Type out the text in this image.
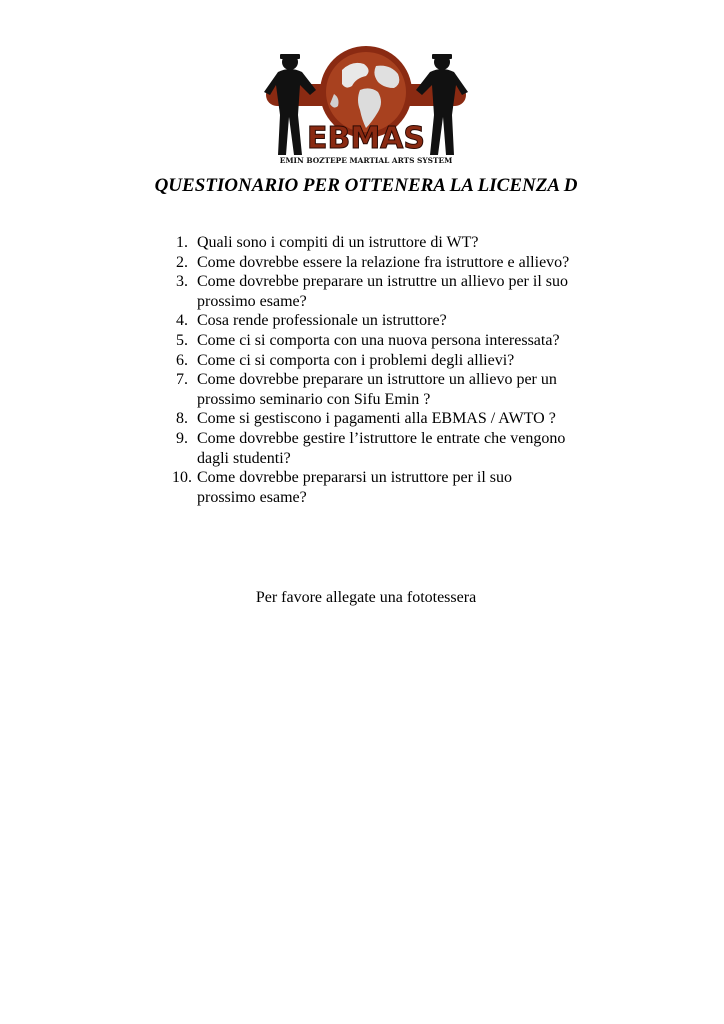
EBMAS
EMIN BOZTEPE MARTIAL ARTS SYSTEM
QUESTIONARIO PER OTTENERA LA LICENZA D
1. Quali sono i compiti di un istruttore di WT?
2. Come dovrebbe essere la relazione fra istruttore e allievo?
3. Come dovrebbe preparare un istruttre un allievo per il suo prossimo esame?
4. Cosa rende professionale un istruttore?
5. Come ci si comporta con una nuova persona interessata?
6. Come ci si comporta con i problemi degli allievi?
7. Come dovrebbe preparare un istruttore un allievo per un prossimo seminario con Sifu Emin ?
8. Come si gestiscono i pagamenti alla EBMAS / AWTO ?
9. Come dovrebbe gestire l’istruttore le entrate che vengono dagli studenti?
10. Come dovrebbe prepararsi un istruttore per il suo prossimo esame?

Per favore allegate una fototessera
